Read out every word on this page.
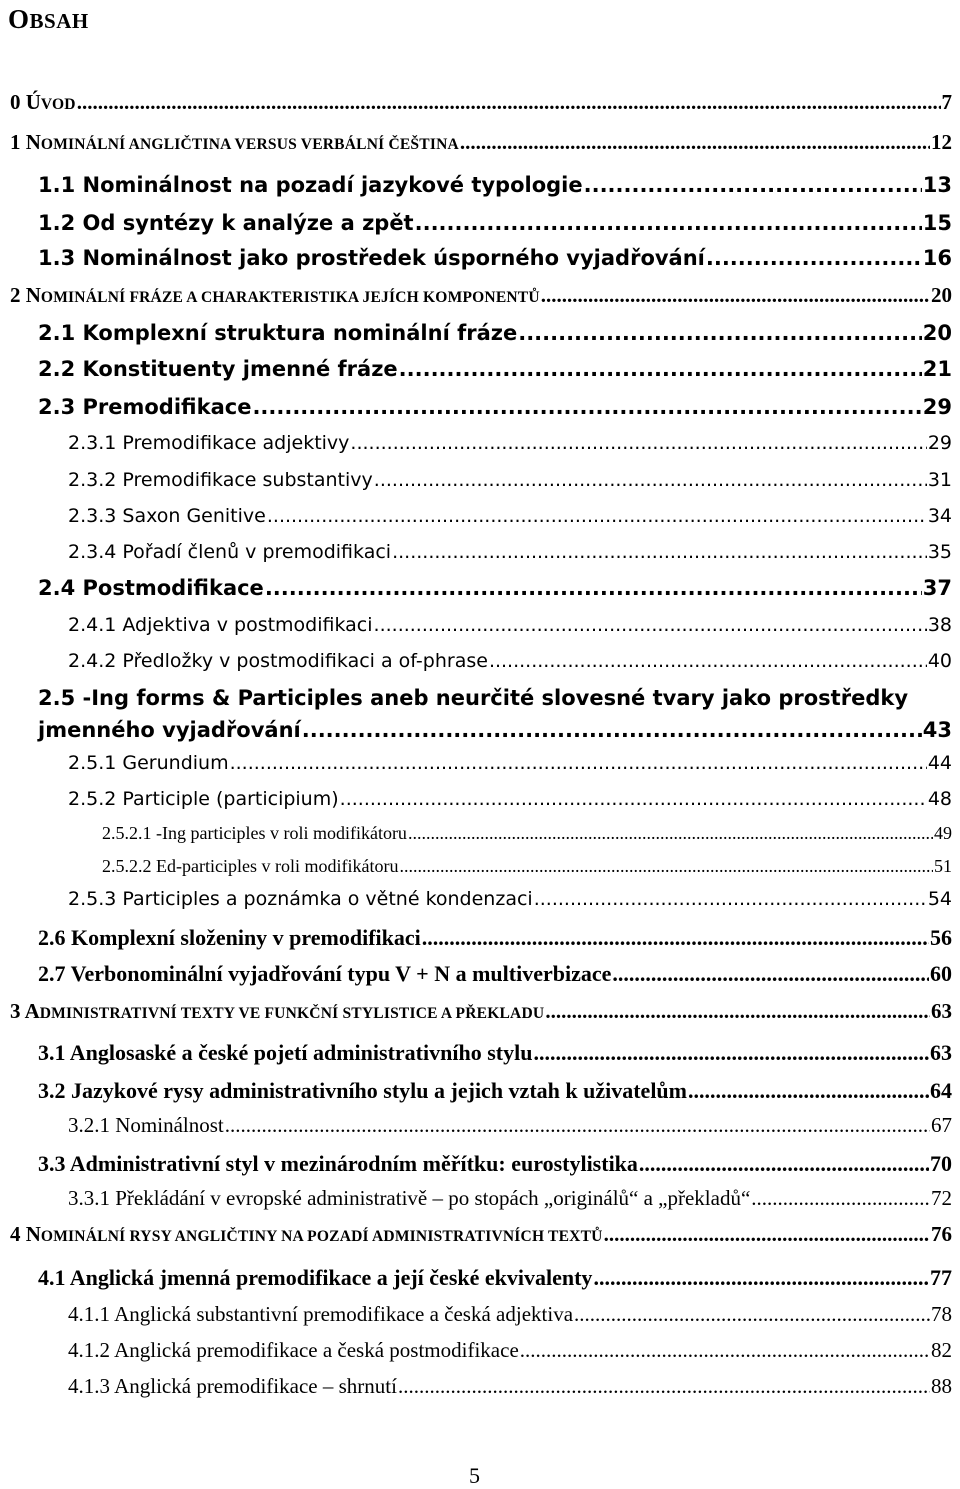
OBSAH
0 ÚVOD .....	7
1 NOMINÁLNÍ ANGLIČTINA VERSUS VERBÁLNÍ ČEŠTINA .....	12
1.1 Nominálnost na pozadí jazykové typologie .....	13
1.2 Od syntézy k analýze a zpět .....	15
1.3 Nominálnost jako prostředek úsporného vyjadřování .....	16
2 NOMINÁLNÍ FRÁZE A CHARAKTERISTIKA JEJÍCH KOMPONENTŮ .....	20
2.1 Komplexní struktura nominální fráze .....	20
2.2 Konstituenty jmenné fráze .....	21
2.3 Premodifikace .....	29
2.3.1 Premodifikace adjektivy .....	29
2.3.2 Premodifikace substantivy .....	31
2.3.3 Saxon Genitive .....	34
2.3.4 Pořadí členů v premodifikaci .....	35
2.4 Postmodifikace .....	37
2.4.1 Adjektiva v postmodifikaci .....	38
2.4.2 Předložky v postmodifikaci a of-phrase .....	40
2.5 -Ing forms & Participles aneb neurčité slovesné tvary jako prostředky
jmenného vyjadřování .....	43
2.5.1 Gerundium .....	44
2.5.2 Participle (participium) .....	48
2.5.2.1 -Ing participles v roli modifikátoru .....	49
2.5.2.2 Ed-participles v roli modifikátoru .....	51
2.5.3 Participles a poznámka o větné kondenzaci .....	54
2.6 Komplexní složeniny v premodifikaci .....	56
2.7 Verbonominální vyjadřování typu V + N a multiverbizace .....	60
3 ADMINISTRATIVNÍ TEXTY VE FUNKČNÍ STYLISTICE A PŘEKLADU .....	63
3.1 Anglosaské a české pojetí administrativního stylu .....	63
3.2 Jazykové rysy administrativního stylu a jejich vztah k uživatelům .....	64
3.2.1 Nominálnost .....	67
3.3 Administrativní styl v mezinárodním měřítku: eurostylistika .....	70
3.3.1 Překládání v evropské administrativě – po stopách „originálů“ a „překladů“ .....	72
4 NOMINÁLNÍ RYSY ANGLIČTINY NA POZADÍ ADMINISTRATIVNÍCH TEXTŮ .....	76
4.1 Anglická jmenná premodifikace a její české ekvivalenty .....	77
4.1.1 Anglická substantivní premodifikace a česká adjektiva .....	78
4.1.2 Anglická premodifikace a česká postmodifikace .....	82
4.1.3 Anglická premodifikace – shrnutí .....	88
5
